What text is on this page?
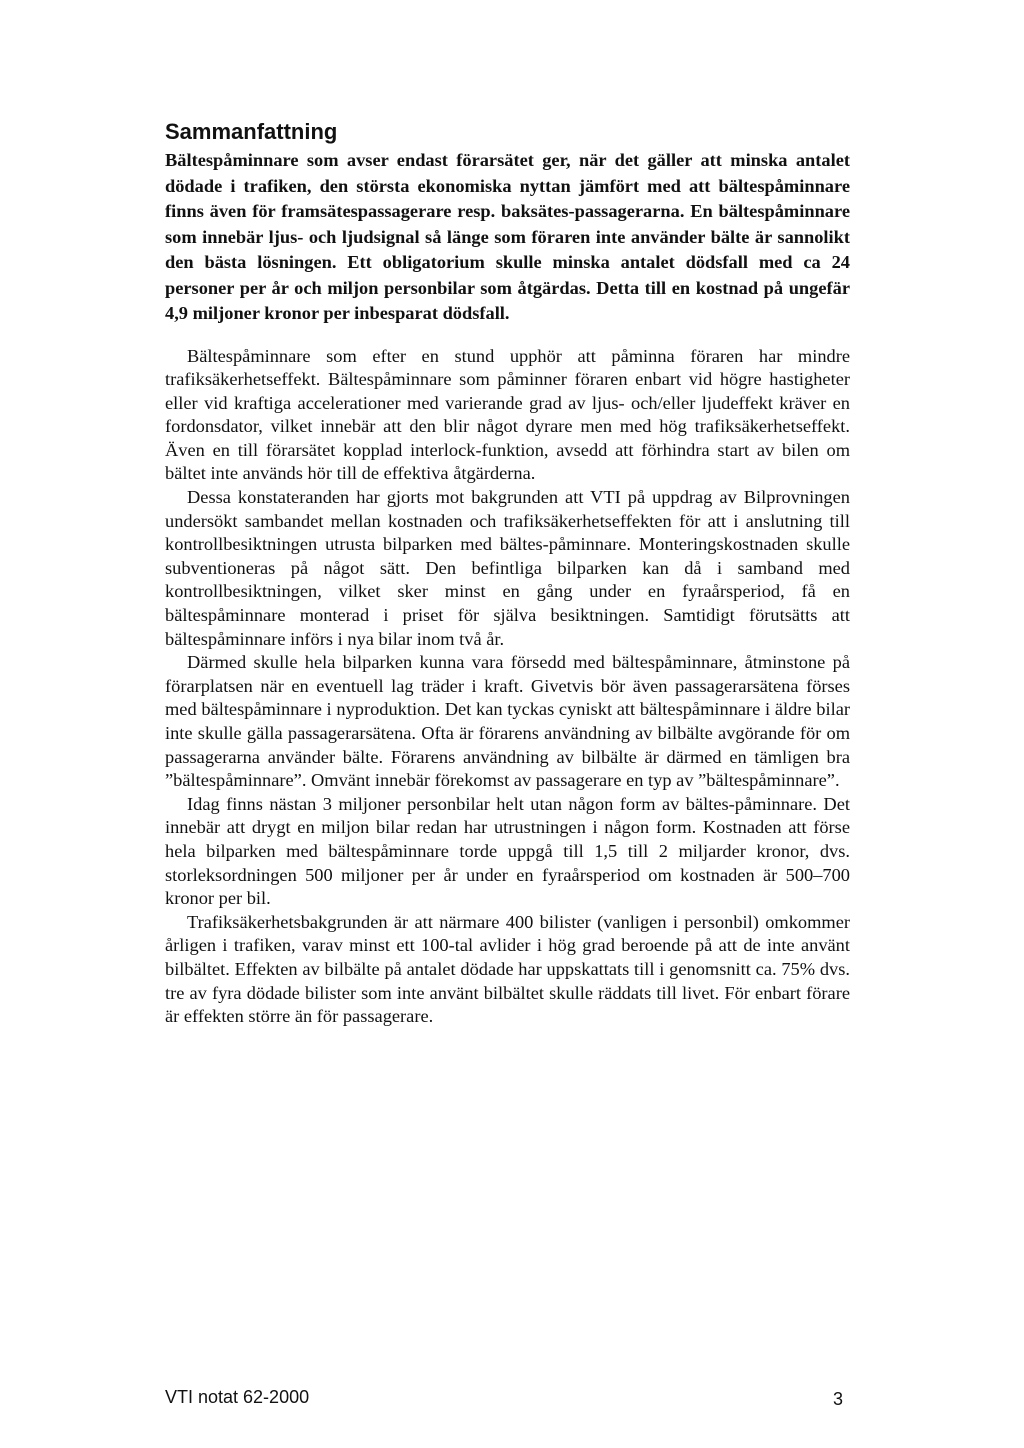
Sammanfattning

Bältespåminnare som avser endast förarsätet ger, när det gäller att minska antalet dödade i trafiken, den största ekonomiska nyttan jämfört med att bältespåminnare finns även för framsätespassagerare resp. baksätes-passagerarna. En bältespåminnare som innebär ljus- och ljudsignal så länge som föraren inte använder bälte är sannolikt den bästa lösningen. Ett obligatorium skulle minska antalet dödsfall med ca 24 personer per år och miljon personbilar som åtgärdas. Detta till en kostnad på ungefär 4,9 miljoner kronor per inbesparat dödsfall.

Bältespåminnare som efter en stund upphör att påminna föraren har mindre trafiksäkerhetseffekt. Bältespåminnare som påminner föraren enbart vid högre hastigheter eller vid kraftiga accelerationer med varierande grad av ljus- och/eller ljudeffekt kräver en fordonsdator, vilket innebär att den blir något dyrare men med hög trafiksäkerhetseffekt. Även en till förarsätet kopplad interlock-funktion, avsedd att förhindra start av bilen om bältet inte används hör till de effektiva åtgärderna.

Dessa konstateranden har gjorts mot bakgrunden att VTI på uppdrag av Bilprovningen undersökt sambandet mellan kostnaden och trafiksäkerhetseffekten för att i anslutning till kontrollbesiktningen utrusta bilparken med bältes-påminnare. Monteringskostnaden skulle subventioneras på något sätt. Den befintliga bilparken kan då i samband med kontrollbesiktningen, vilket sker minst en gång under en fyraårsperiod, få en bältespåminnare monterad i priset för själva besiktningen. Samtidigt förutsätts att bältespåminnare införs i nya bilar inom två år.

Därmed skulle hela bilparken kunna vara försedd med bältespåminnare, åtminstone på förarplatsen när en eventuell lag träder i kraft. Givetvis bör även passagerarsätena förses med bältespåminnare i nyproduktion. Det kan tyckas cyniskt att bältespåminnare i äldre bilar inte skulle gälla passagerarsätena. Ofta är förarens användning av bilbälte avgörande för om passagerarna använder bälte. Förarens användning av bilbälte är därmed en tämligen bra ”bältespåminnare”. Omvänt innebär förekomst av passagerare en typ av ”bältespåminnare”.

Idag finns nästan 3 miljoner personbilar helt utan någon form av bältes-påminnare. Det innebär att drygt en miljon bilar redan har utrustningen i någon form. Kostnaden att förse hela bilparken med bältespåminnare torde uppgå till 1,5 till 2 miljarder kronor, dvs. storleksordningen 500 miljoner per år under en fyraårsperiod om kostnaden är 500–700 kronor per bil.

Trafiksäkerhetsbakgrunden är att närmare 400 bilister (vanligen i personbil) omkommer årligen i trafiken, varav minst ett 100-tal avlider i hög grad beroende på att de inte använt bilbältet. Effekten av bilbälte på antalet dödade har uppskattats till i genomsnitt ca. 75% dvs. tre av fyra dödade bilister som inte använt bilbältet skulle räddats till livet. För enbart förare är effekten större än för passagerare.

VTI notat 62-2000	3
